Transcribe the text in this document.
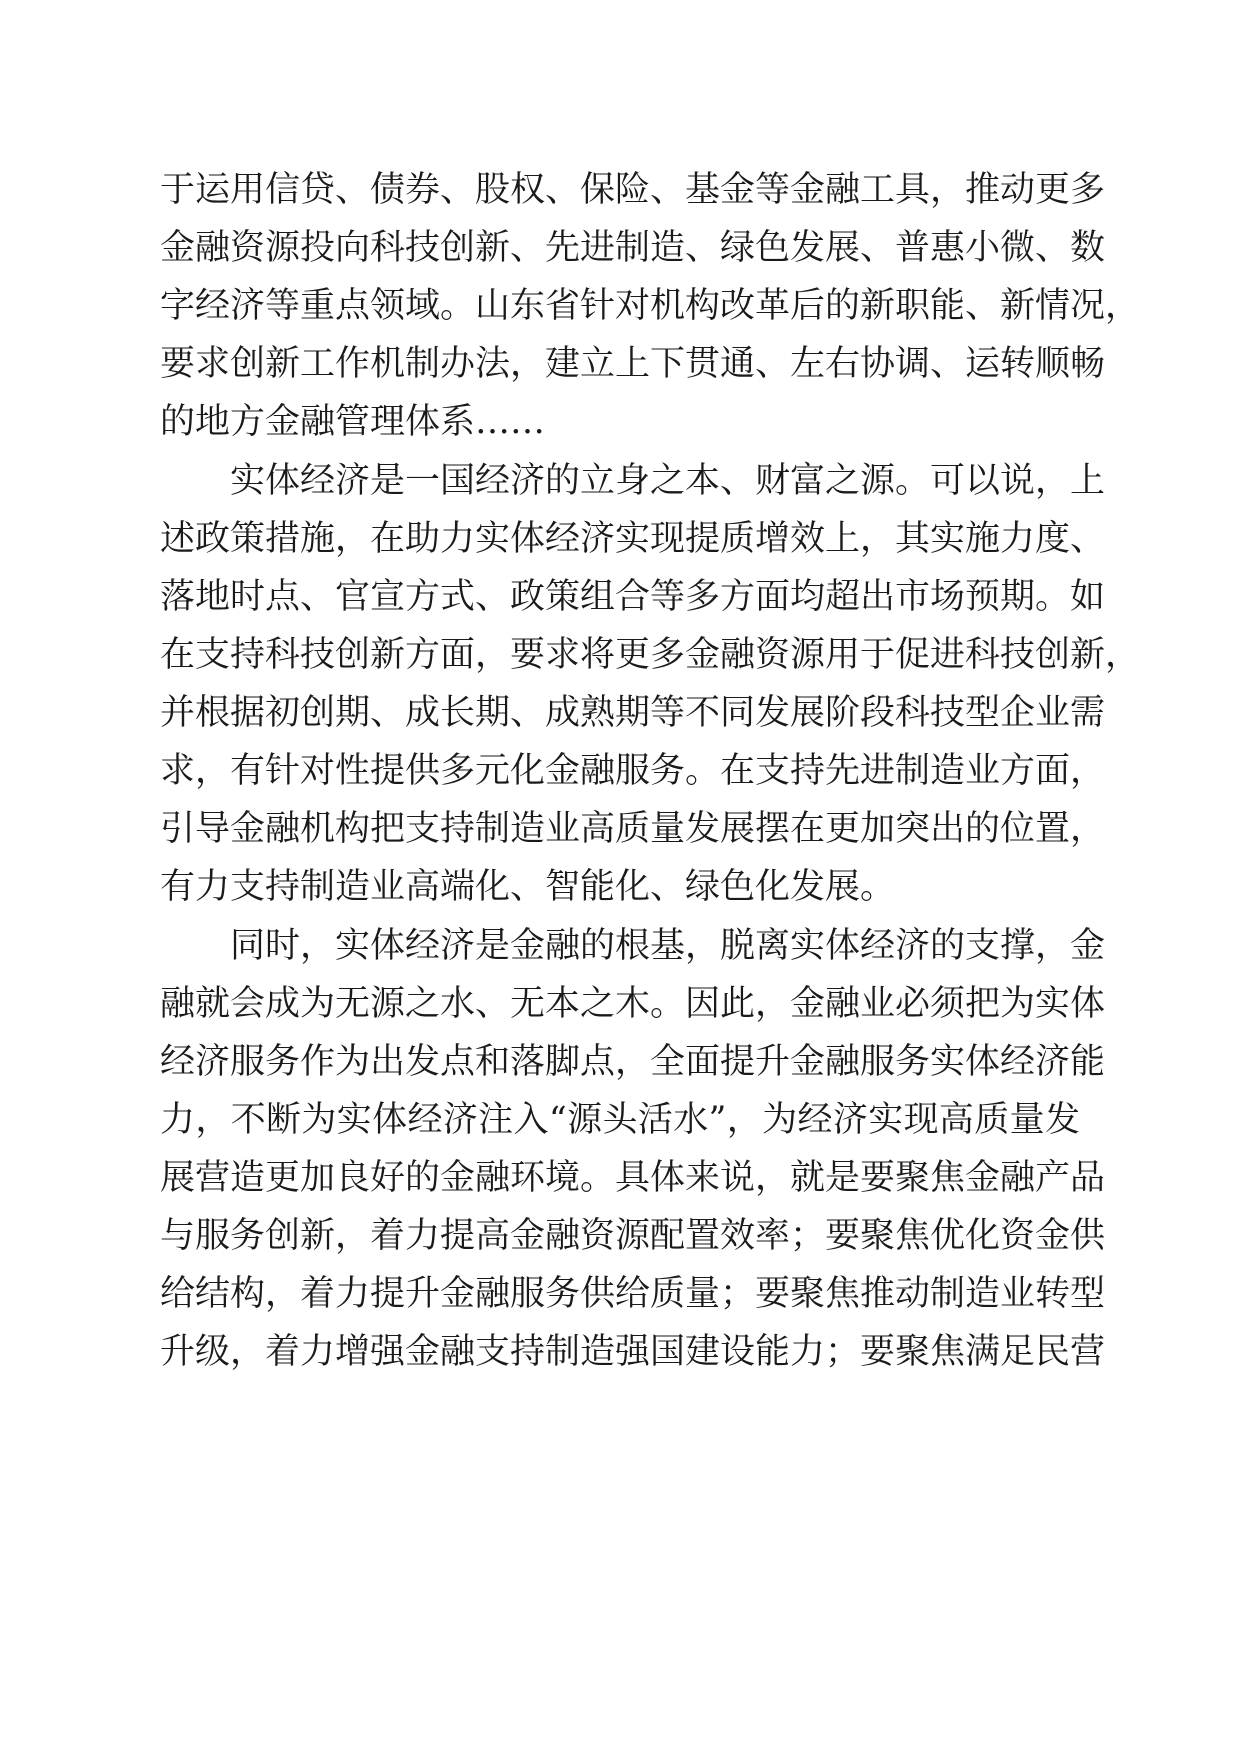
于运用信贷、债券、股权、保险、基金等金融工具，推动更多
金融资源投向科技创新、先进制造、绿色发展、普惠小微、数
字经济等重点领域。山东省针对机构改革后的新职能、新情况，
要求创新工作机制办法，建立上下贯通、左右协调、运转顺畅
的地方金融管理体系……
实体经济是一国经济的立身之本、财富之源。可以说，上
述政策措施，在助力实体经济实现提质增效上，其实施力度、
落地时点、官宣方式、政策组合等多方面均超出市场预期。如
在支持科技创新方面，要求将更多金融资源用于促进科技创新，
并根据初创期、成长期、成熟期等不同发展阶段科技型企业需
求，有针对性提供多元化金融服务。在支持先进制造业方面，
引导金融机构把支持制造业高质量发展摆在更加突出的位置，
有力支持制造业高端化、智能化、绿色化发展。
同时，实体经济是金融的根基，脱离实体经济的支撑，金
融就会成为无源之水、无本之木。因此，金融业必须把为实体
经济服务作为出发点和落脚点，全面提升金融服务实体经济能
力，不断为实体经济注入“源头活水”，为经济实现高质量发
展营造更加良好的金融环境。具体来说，就是要聚焦金融产品
与服务创新，着力提高金融资源配置效率；要聚焦优化资金供
给结构，着力提升金融服务供给质量；要聚焦推动制造业转型
升级，着力增强金融支持制造强国建设能力；要聚焦满足民营
